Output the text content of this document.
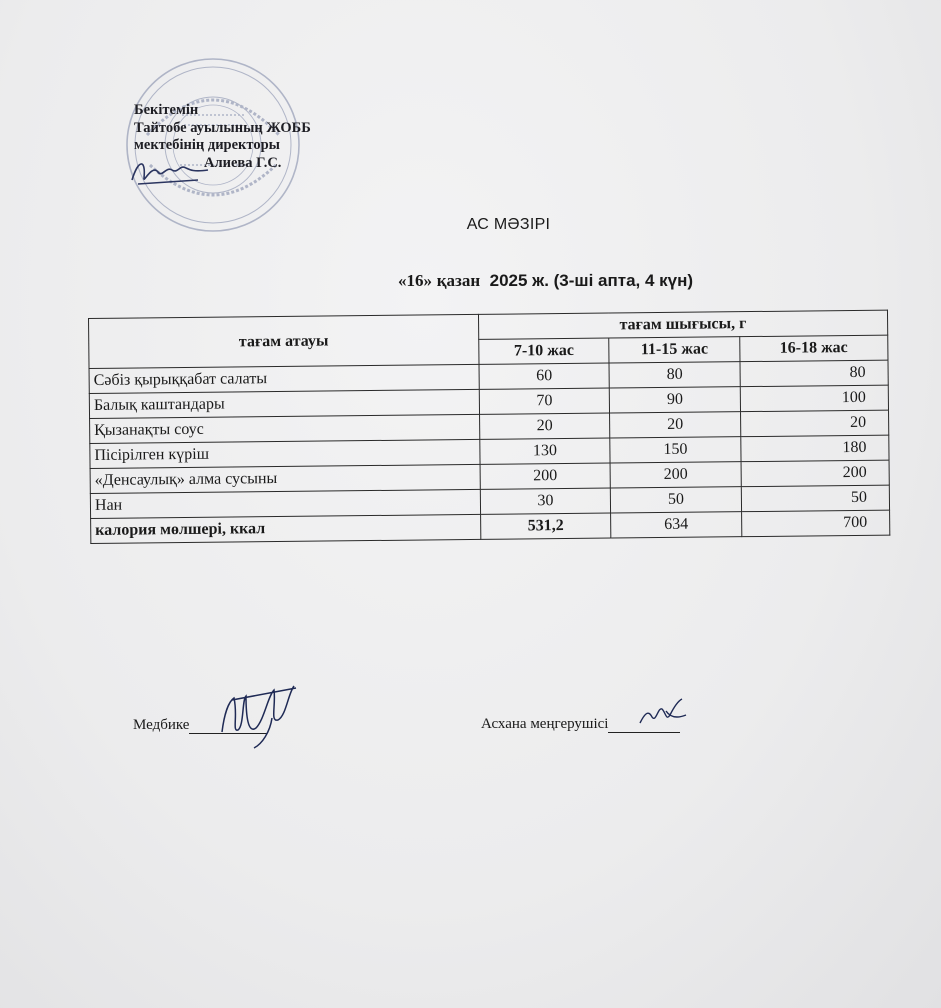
Бекітемін
Тайтобе ауылының ЖОББ
мектебінің директоры
Алиева Г.С.
АС МӘЗІРІ
«16» қазан 2025 ж. (3-ші апта, 4 күн)
тағам атауы	тағам шығысы, г		
	7-10 жас	11-15 жас	16-18 жас
Сәбіз қырыққабат салаты	60	80	80
Балық каштандары	70	90	100
Қызанақты соус	20	20	20
Пісірілген күріш	130	150	180
«Денсаулық» алма сусыны	200	200	200
Нан	30	50	50
калория мөлшері, ккал	531,2	634	700
Медбике	Асхана меңгерушісі
